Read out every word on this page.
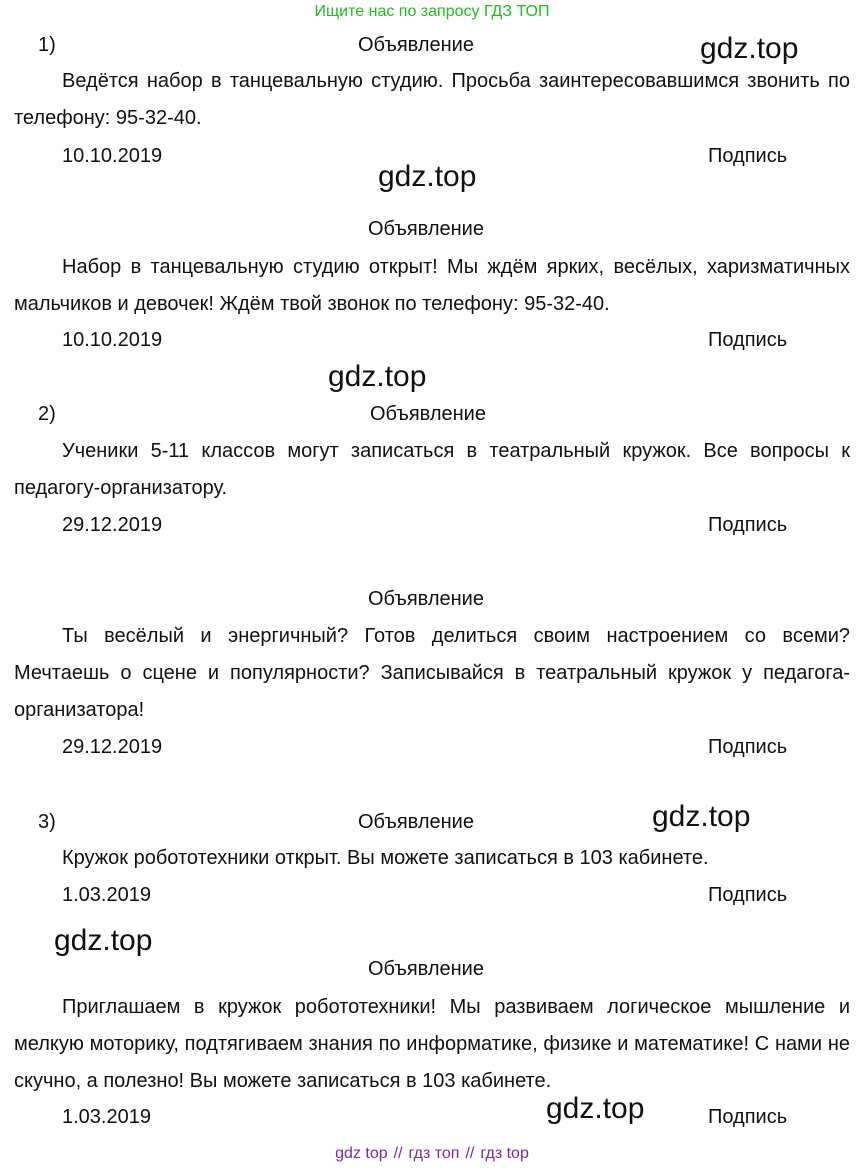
Ищите нас по запросу ГДЗ ТОП
1)	Объявление	gdz.top
Ведётся набор в танцевальную студию. Просьба заинтересовавшимся звонить по телефону: 95-32-40.
10.10.2019	Подпись
gdz.top
Объявление
Набор в танцевальную студию открыт! Мы ждём ярких, весёлых, харизматичных мальчиков и девочек! Ждём твой звонок по телефону: 95-32-40.
10.10.2019	Подпись
gdz.top
2)	Объявление
Ученики 5-11 классов могут записаться в театральный кружок. Все вопросы к педагогу-организатору.
29.12.2019	Подпись
Объявление
Ты весёлый и энергичный? Готов делиться своим настроением со всеми? Мечтаешь о сцене и популярности? Записывайся в театральный кружок у педагога-организатора!
29.12.2019	Подпись
3)	Объявление	gdz.top
Кружок робототехники открыт. Вы можете записаться в 103 кабинете.
1.03.2019	Подпись
gdz.top
Объявление
Приглашаем в кружок робототехники! Мы развиваем логическое мышление и мелкую моторику, подтягиваем знания по информатике, физике и математике! С нами не скучно, а полезно! Вы можете записаться в 103 кабинете.
gdz.top
1.03.2019	Подпись
gdz top // гдз топ // гдз top
